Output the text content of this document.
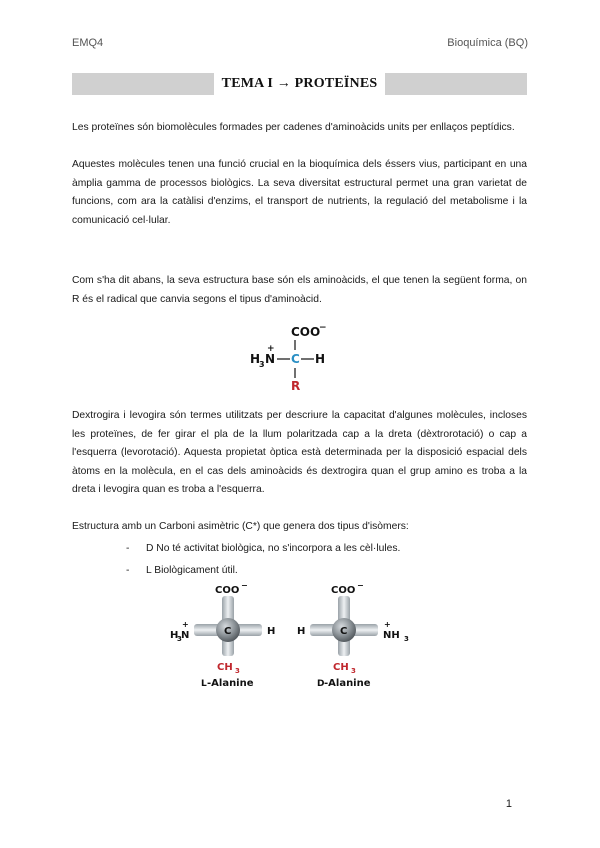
EMQ4	Bioquímica (BQ)
TEMA I → PROTEÏNES
Les proteïnes són biomolècules formades per cadenes d'aminoàcids units per enllaços peptídics.
Aquestes molècules tenen una funció crucial en la bioquímica dels éssers vius, participant en una àmplia gamma de processos biològics. La seva diversitat estructural permet una gran varietat de funcions, com ara la catàlisi d'enzims, el transport de nutrients, la regulació del metabolisme i la comunicació cel·lular.
Com s'ha dit abans, la seva estructura base són els aminoàcids, el que tenen la següent forma, on R és el radical que canvia segons el tipus d'aminoàcid.
COO
−
H
3 N
+
C H
R
Dextrogira i levogira són termes utilitzats per descriure la capacitat d'algunes molècules, incloses les proteïnes, de fer girar el pla de la llum polaritzada cap a la dreta (dèxtrorotació) o cap a l'esquerra (levorotació). Aquesta propietat òptica està determinada per la disposició espacial dels àtoms en la molècula, en el cas dels aminoàcids és dextrogira quan el grup amino es troba a la dreta i levogira quan es troba a l'esquerra.
Estructura amb un Carboni asimètric (C*) que genera dos tipus d'isòmers:
- D No té activitat biològica, no s'incorpora a les cèl·lules.
- L Biològicament útil.
C
COO −
H
3 N
+
H
CH 3
L -Alanine
C
COO −
H	NH 3
+
CH 3
D -Alanine
1
